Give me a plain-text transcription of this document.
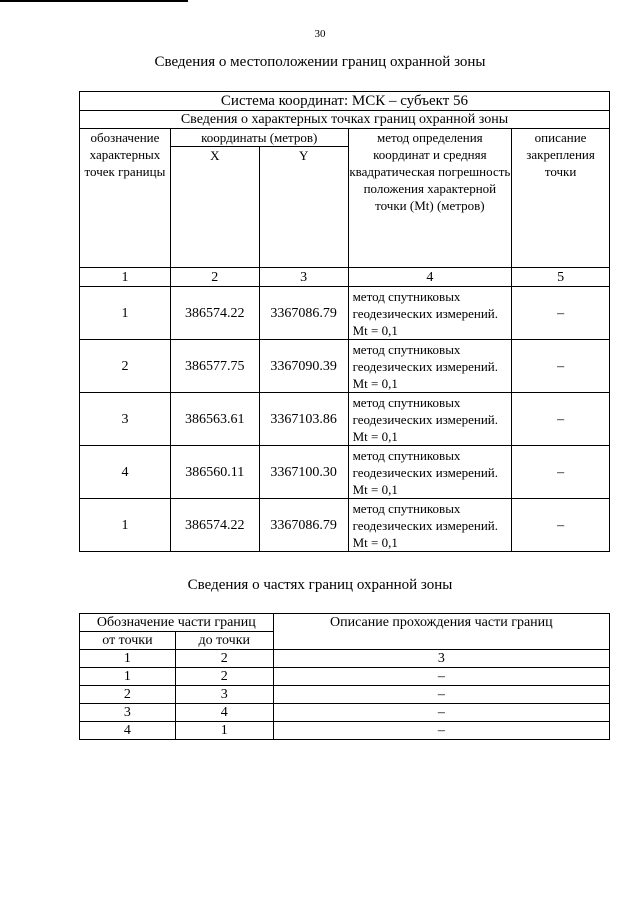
30
Сведения о местоположении границ охранной зоны
Система координат: МСК – субъект 56				
Сведения о характерных точках границ охранной зоны				
обозначение характерных точек границы	координаты (метров)		метод определения координат и средняя квадратическая погрешность положения характерной точки (Mt) (метров)	описание закрепления точки
	X	Y		
1	2	3	4	5
1	386574.22	3367086.79	метод спутниковых геодезических измерений. Mt = 0,1	–
2	386577.75	3367090.39	метод спутниковых геодезических измерений. Mt = 0,1	–
3	386563.61	3367103.86	метод спутниковых геодезических измерений. Mt = 0,1	–
4	386560.11	3367100.30	метод спутниковых геодезических измерений. Mt = 0,1	–
1	386574.22	3367086.79	метод спутниковых геодезических измерений. Mt = 0,1	–
Сведения о частях границ охранной зоны
Обозначение части границ		Описание прохождения части границ
от точки	до точки	
1	2	3
1	2	–
2	3	–
3	4	–
4	1	–
